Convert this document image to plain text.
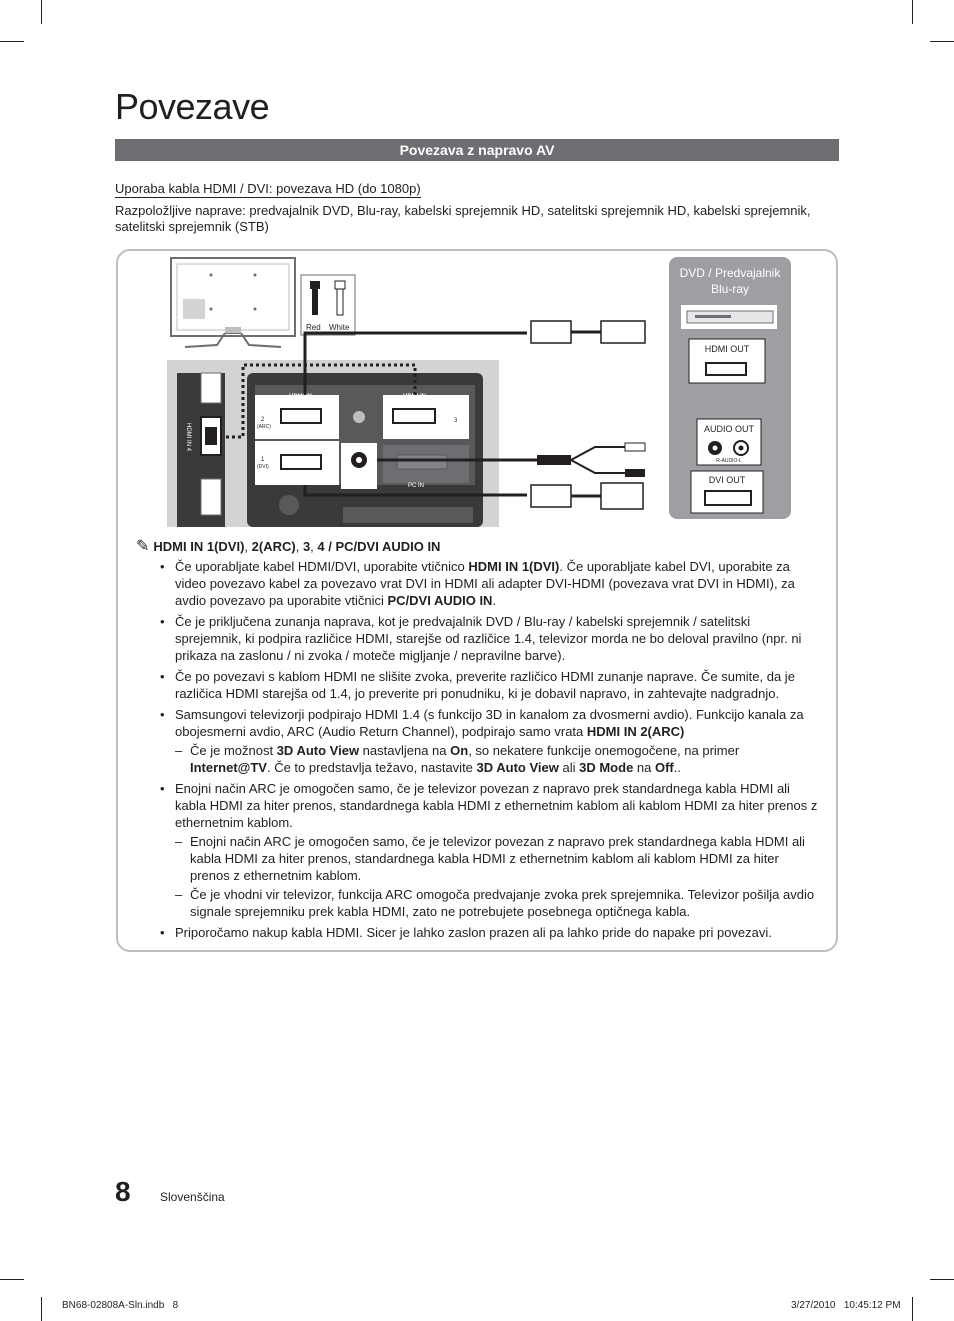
Povezave
Povezava z napravo AV
Uporaba kabla HDMI / DVI: povezava HD (do 1080p)
Razpoložljive naprave: predvajalnik DVD, Blu-ray, kabelski sprejemnik HD, satelitski sprejemnik HD, kabelski sprejemnik, satelitski sprejemnik (STB)
Red White
HDMI IN 4
HDMI IN
2
(ARC)
1
(DVI)
PC / DVI
AUDIO IN
HDMI IN
3
PC IN
DVD / Predvajalnik
Blu-ray
HDMI OUT
AUDIO OUT
R-AUDIO-L
DVI OUT
✎ HDMI IN 1(DVI), 2(ARC), 3, 4 / PC/DVI AUDIO IN
• Če uporabljate kabel HDMI/DVI, uporabite vtičnico HDMI IN 1(DVI). Če uporabljate kabel DVI, uporabite za video povezavo kabel za povezavo vrat DVI in HDMI ali adapter DVI-HDMI (povezava vrat DVI in HDMI), za avdio povezavo pa uporabite vtičnici PC/DVI AUDIO IN.
• Če je priključena zunanja naprava, kot je predvajalnik DVD / Blu-ray / kabelski sprejemnik / satelitski sprejemnik, ki podpira različice HDMI, starejše od različice 1.4, televizor morda ne bo deloval pravilno (npr. ni prikaza na zaslonu / ni zvoka / moteče migljanje / nepravilne barve).
• Če po povezavi s kablom HDMI ne slišite zvoka, preverite različico HDMI zunanje naprave. Če sumite, da je različica HDMI starejša od 1.4, jo preverite pri ponudniku, ki je dobavil napravo, in zahtevajte nadgradnjo.
• Samsungovi televizorji podpirajo HDMI 1.4 (s funkcijo 3D in kanalom za dvosmerni avdio). Funkcijo kanala za obojesmerni avdio, ARC (Audio Return Channel), podpirajo samo vrata HDMI IN 2(ARC)
– Če je možnost 3D Auto View nastavljena na On, so nekatere funkcije onemogočene, na primer Internet@TV. Če to predstavlja težavo, nastavite 3D Auto View ali 3D Mode na Off..
• Enojni način ARC je omogočen samo, če je televizor povezan z napravo prek standardnega kabla HDMI ali kabla HDMI za hiter prenos, standardnega kabla HDMI z ethernetnim kablom ali kablom HDMI za hiter prenos z ethernetnim kablom.
– Enojni način ARC je omogočen samo, če je televizor povezan z napravo prek standardnega kabla HDMI ali kabla HDMI za hiter prenos, standardnega kabla HDMI z ethernetnim kablom ali kablom HDMI za hiter prenos z ethernetnim kablom.
– Če je vhodni vir televizor, funkcija ARC omogoča predvajanje zvoka prek sprejemnika. Televizor pošilja avdio signale sprejemniku prek kabla HDMI, zato ne potrebujete posebnega optičnega kabla.
• Priporočamo nakup kabla HDMI. Sicer je lahko zaslon prazen ali pa lahko pride do napake pri povezavi.
8 Slovenščina
BN68-02808A-Sln.indb   8	3/27/2010   10:45:12 PM
